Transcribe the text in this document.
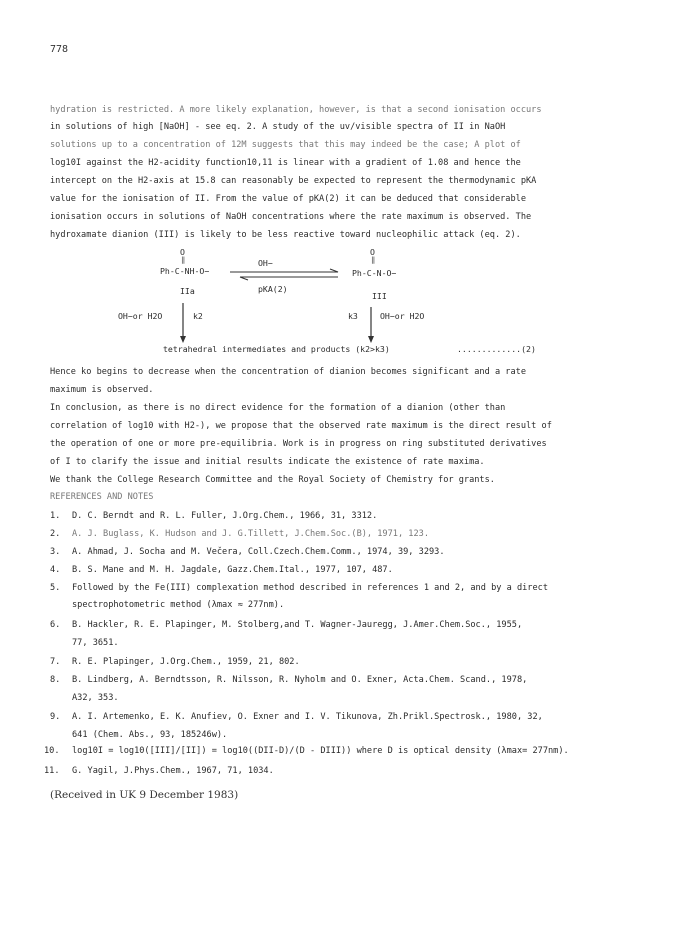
778
hydration is restricted. A more likely explanation, however, is that a second ionisation occurs
in solutions of high [NaOH] - see eq. 2. A study of the uv/visible spectra of II in NaOH
solutions up to a concentration of 12M suggests that this may indeed be the case; A plot of
log10I against the H2-acidity function10,11 is linear with a gradient of 1.08 and hence the
intercept on the H2-axis at 15.8 can reasonably be expected to represent the thermodynamic pKA
value for the ionisation of II. From the value of pKA(2) it can be deduced that considerable
ionisation occurs in solutions of NaOH concentrations where the rate maximum is observed. The
hydroxamate dianion (III) is likely to be less reactive toward nucleophilic attack (eq. 2).
O
‖
Ph-C-NH-O−
IIa
OH−
pKA(2)
O
‖
Ph-C-N-O−
III
OH−or H2O	k2	k3	OH−or H2O
tetrahedral intermediates and products (k2>k3)	.............(2)
Hence ko begins to decrease when the concentration of dianion becomes significant and a rate
maximum is observed.
In conclusion, as there is no direct evidence for the formation of a dianion (other than
correlation of log10 with H2-), we propose that the observed rate maximum is the direct result of
the operation of one or more pre-equilibria. Work is in progress on ring substituted derivatives
of I to clarify the issue and initial results indicate the existence of rate maxima.
We thank the College Research Committee and the Royal Society of Chemistry for grants.
REFERENCES AND NOTES
1. D. C. Berndt and R. L. Fuller, J.Org.Chem., 1966, 31, 3312.
2. A. J. Buglass, K. Hudson and J. G.Tillett, J.Chem.Soc.(B), 1971, 123.
3. A. Ahmad, J. Socha and M. Večera, Coll.Czech.Chem.Comm., 1974, 39, 3293.
4. B. S. Mane and M. H. Jagdale, Gazz.Chem.Ital., 1977, 107, 487.
5. Followed by the Fe(III) complexation method described in references 1 and 2, and by a direct
spectrophotometric method (λmax ≈ 277nm).
6. B. Hackler, R. E. Plapinger, M. Stolberg,and T. Wagner-Jauregg, J.Amer.Chem.Soc., 1955,
77, 3651.
7. R. E. Plapinger, J.Org.Chem., 1959, 21, 802.
8. B. Lindberg, A. Berndtsson, R. Nilsson, R. Nyholm and O. Exner, Acta.Chem. Scand., 1978,
A32, 353.
9. A. I. Artemenko, E. K. Anufiev, O. Exner and I. V. Tikunova, Zh.Prikl.Spectrosk., 1980, 32,
641 (Chem. Abs., 93, 185246w).
10. log10I = log10([III]/[II]) = log10((DII-D)/(D - DIII)) where D is optical density (λmax= 277nm).
11. G. Yagil, J.Phys.Chem., 1967, 71, 1034.
(Received in UK 9 December 1983)
